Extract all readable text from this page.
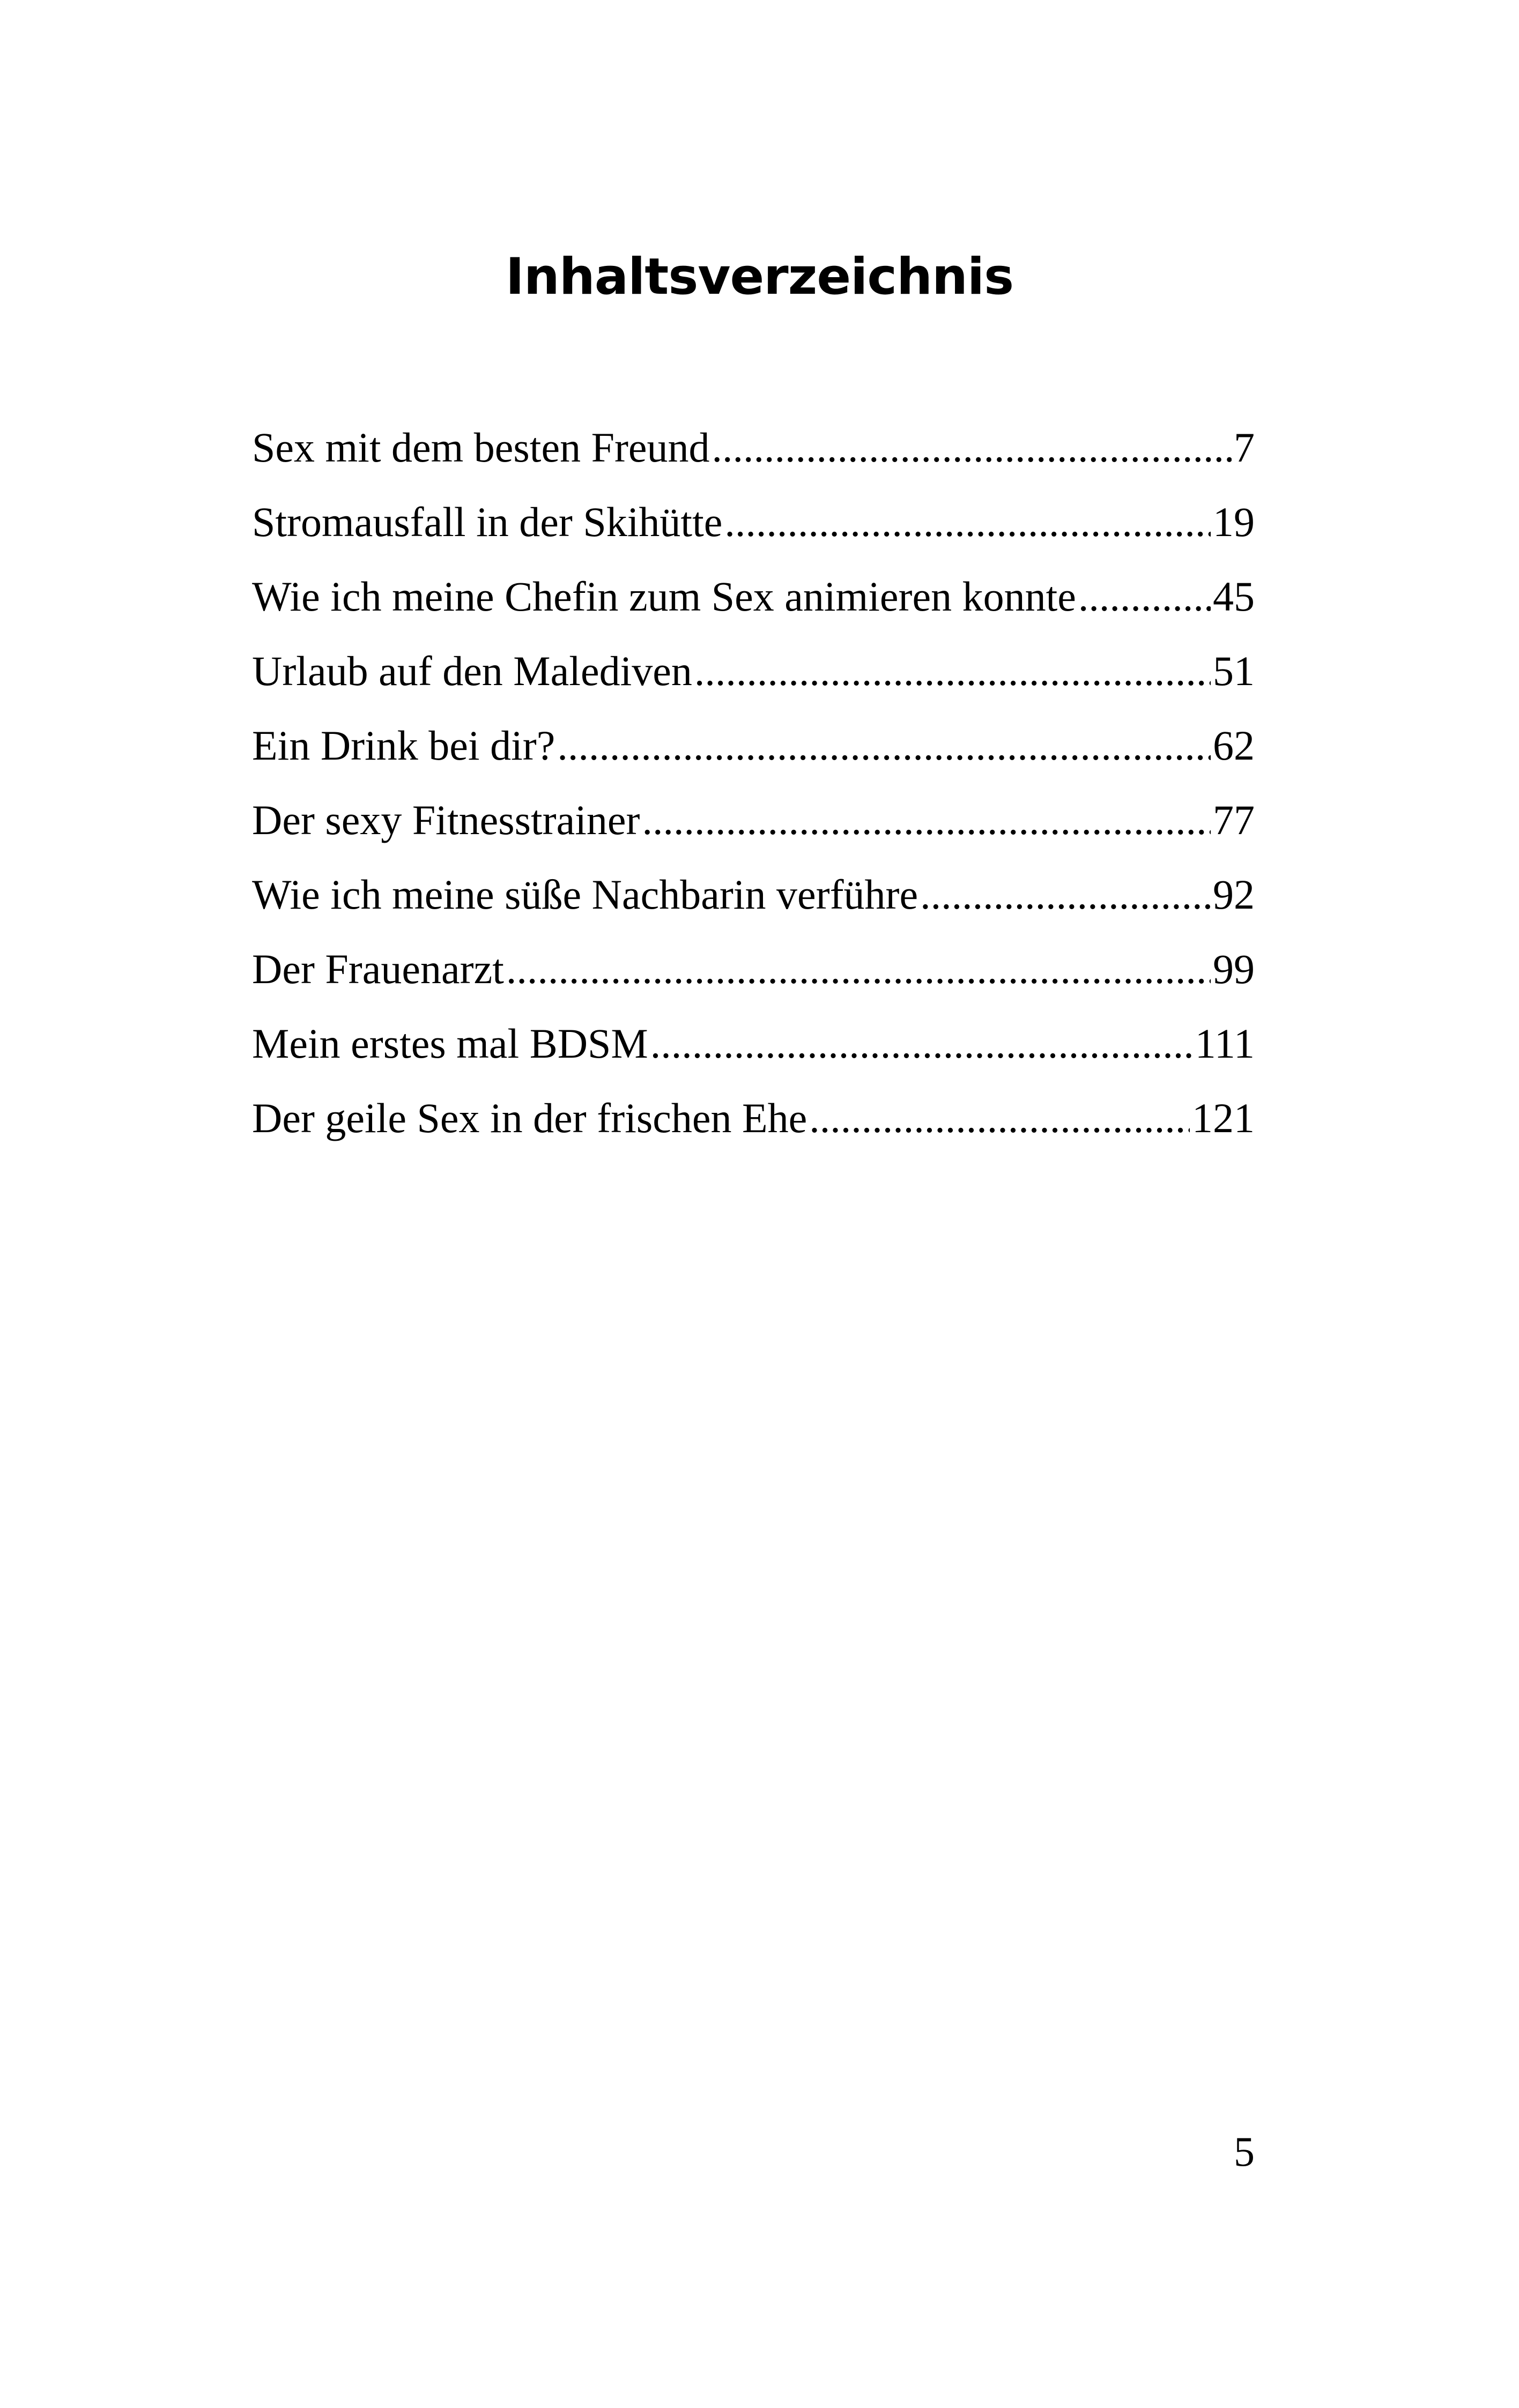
Inhaltsverzeichnis
Sex mit dem besten Freund .....	7
Stromausfall in der Skihütte .....	19
Wie ich meine Chefin zum Sex animieren konnte .....	45
Urlaub auf den Malediven .....	51
Ein Drink bei dir? .....	62
Der sexy Fitnesstrainer .....	77
Wie ich meine süße Nachbarin verführe .....	92
Der Frauenarzt .....	99
Mein erstes mal BDSM .....	111
Der geile Sex in der frischen Ehe .....	121
5
